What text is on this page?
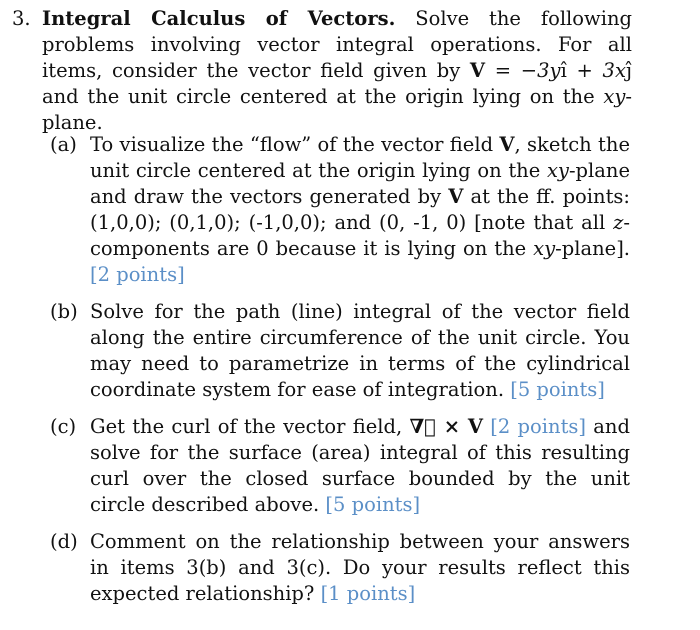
3. Integral Calculus of Vectors. Solve the following problems involving vector integral operations. For all items, consider the vector field given by V = −3yî + 3xĵ and the unit circle centered at the origin lying on the xy-plane.
(a) To visualize the “flow” of the vector field V, sketch the unit circle centered at the origin lying on the xy-plane and draw the vectors generated by V at the ff. points: (1,0,0); (0,1,0); (-1,0,0); and (0, -1, 0) [note that all z-components are 0 because it is lying on the xy-plane]. [2 points]
(b) Solve for the path (line) integral of the vector field along the entire circumference of the unit circle. You may need to parametrize in terms of the cylindrical coordinate system for ease of integration. [5 points]
(c) Get the curl of the vector field, ∇⃗ × V [2 points] and solve for the surface (area) integral of this resulting curl over the closed surface bounded by the unit circle described above. [5 points]
(d) Comment on the relationship between your answers in items 3(b) and 3(c). Do your results reflect this expected relationship? [1 points]
